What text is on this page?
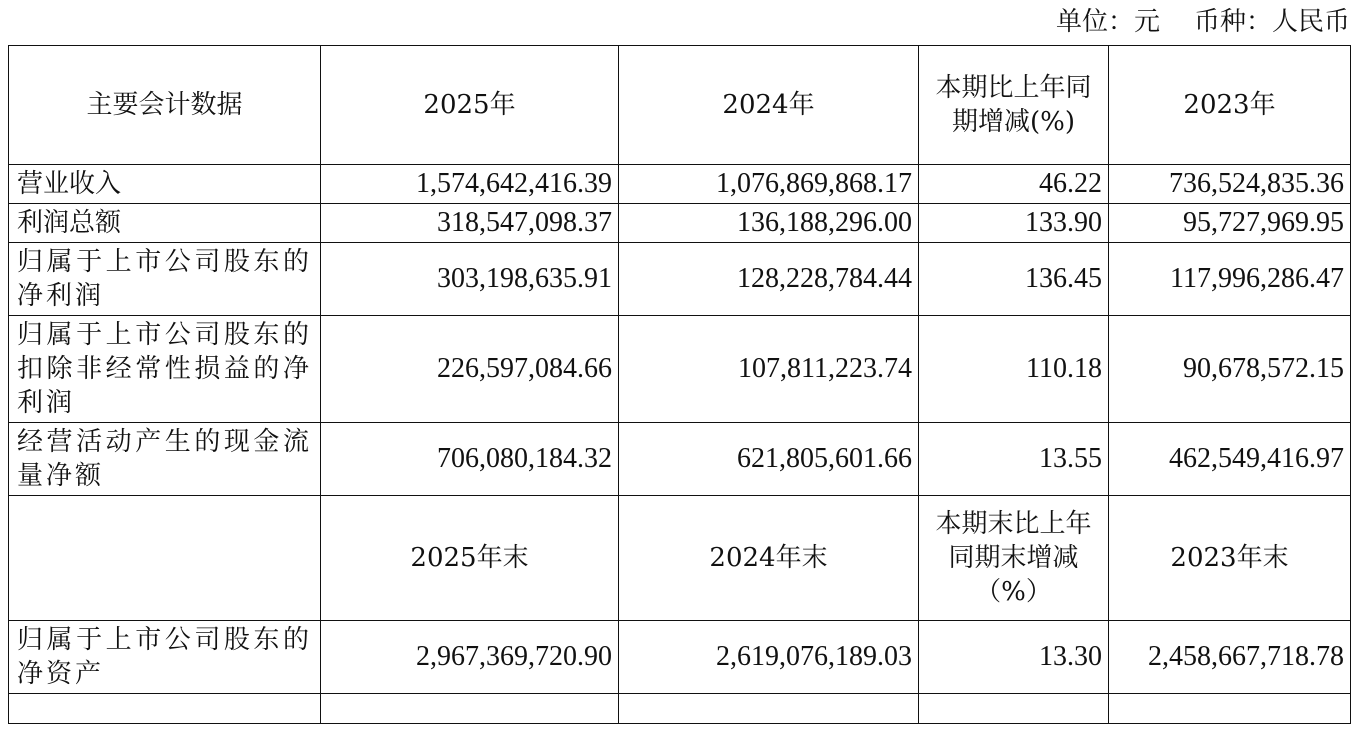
单位：元 币种：人民币
主要会计数据	2025年	2024年	本期比上年同期增减(%)	2023年
营业收入	1,574,642,416.39	1,076,869,868.17	46.22	736,524,835.36
利润总额	318,547,098.37	136,188,296.00	133.90	95,727,969.95
归属于上市公司股东的净利润	303,198,635.91	128,228,784.44	136.45	117,996,286.47
归属于上市公司股东的扣除非经常性损益的净利润	226,597,084.66	107,811,223.74	110.18	90,678,572.15
经营活动产生的现金流量净额	706,080,184.32	621,805,601.66	13.55	462,549,416.97
	2025年末	2024年末	本期末比上年同期末增减（%）	2023年末
归属于上市公司股东的净资产	2,967,369,720.90	2,619,076,189.03	13.30	2,458,667,718.78
